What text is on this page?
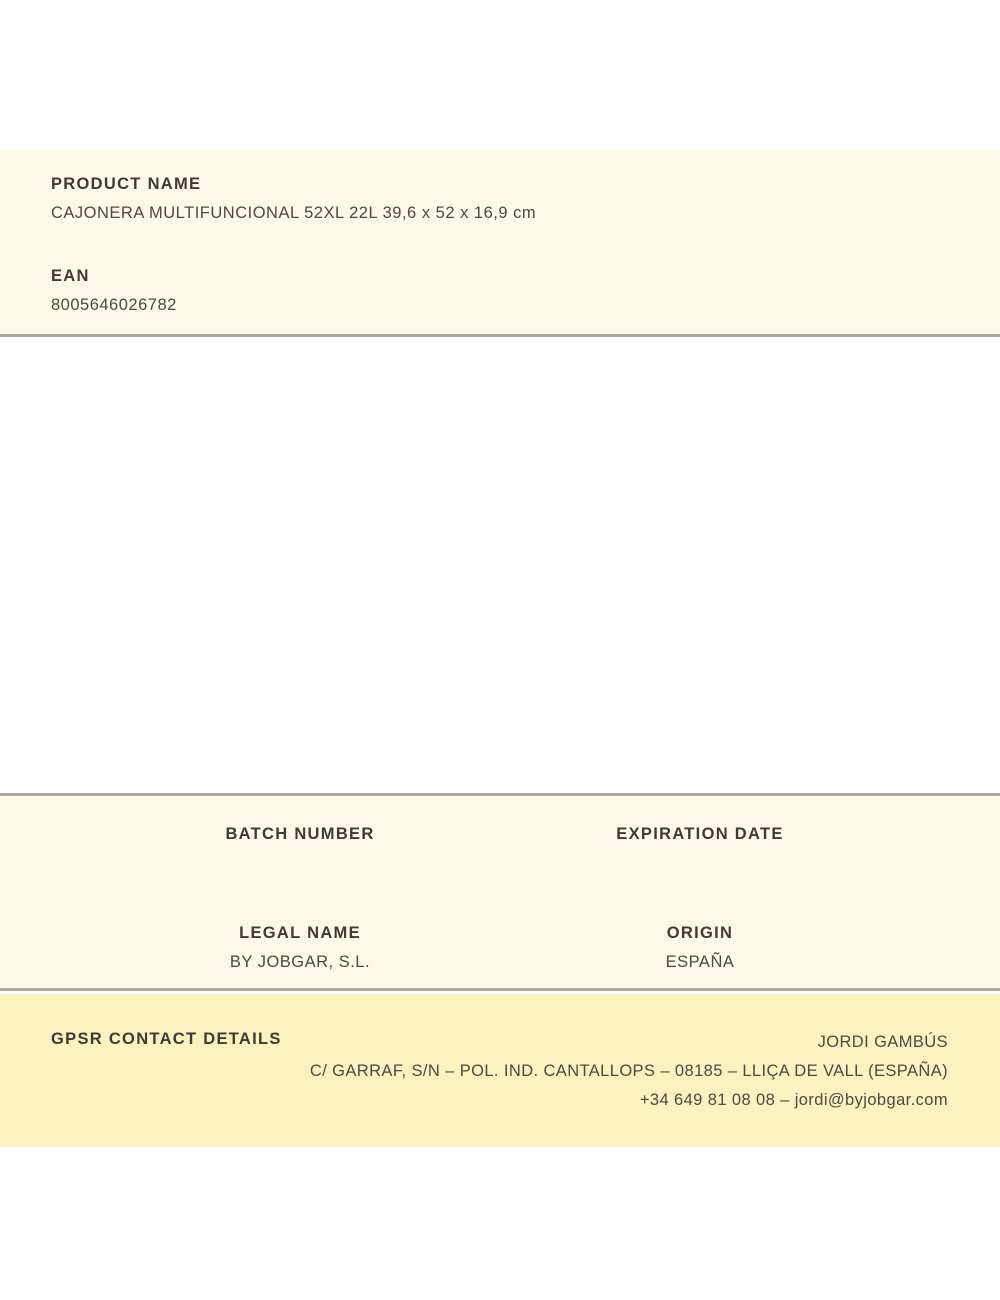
PRODUCT NAME
CAJONERA MULTIFUNCIONAL 52XL 22L 39,6 x 52 x 16,9 cm
EAN
8005646026782
BATCH NUMBER	EXPIRATION DATE
LEGAL NAME
BY JOBGAR, S.L.
ORIGIN
ESPAÑA
GPSR CONTACT DETAILS	JORDI GAMBÚS
C/ GARRAF, S/N – POL. IND. CANTALLOPS – 08185 – LLIÇA DE VALL (ESPAÑA)
+34 649 81 08 08 – jordi@byjobgar.com
